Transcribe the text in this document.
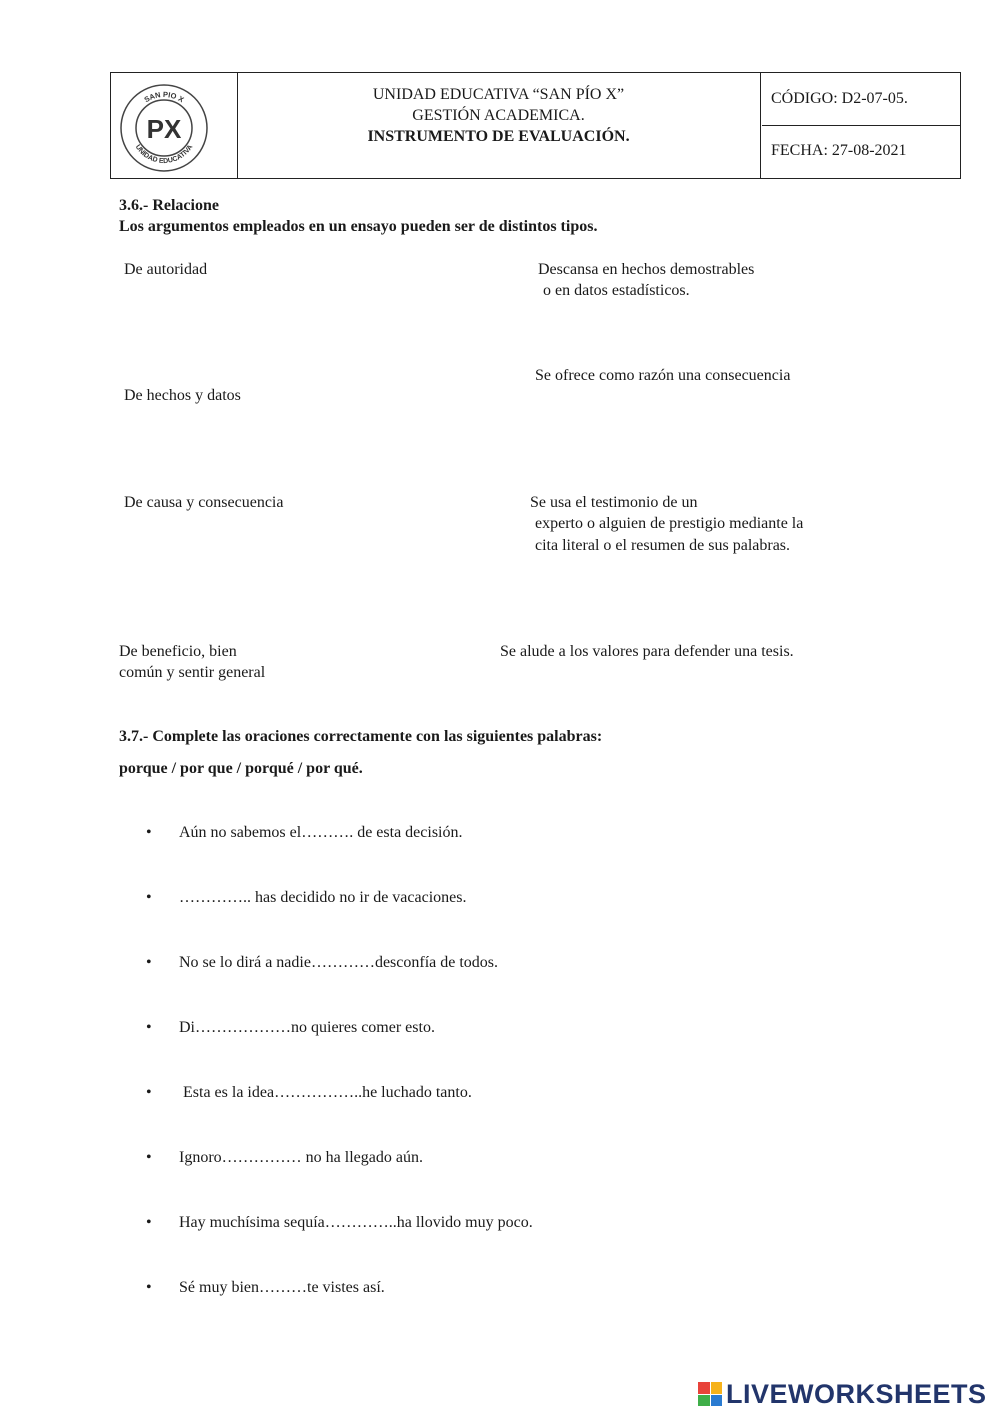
SAN PIO X
UNIDAD EDUCATIVA
PX
UNIDAD EDUCATIVA “SAN PÍO X”
GESTIÓN ACADEMICA.
INSTRUMENTO DE EVALUACIÓN.
CÓDIGO: D2-07-05.
FECHA: 27-08-2021
3.6.- Relacione
Los argumentos empleados en un ensayo pueden ser de distintos tipos.
De autoridad
De hechos y datos
De causa y consecuencia
De beneficio, bien
común y sentir general
Descansa en hechos demostrables
o en datos estadísticos.
Se ofrece como razón una consecuencia
Se usa el testimonio de un
experto o alguien de prestigio mediante la
cita literal o el resumen de sus palabras.
Se alude a los valores para defender una tesis.
3.7.- Complete las oraciones correctamente con las siguientes palabras:
porque / por que / porqué / por qué.
• Aún no sabemos el………. de esta decisión.
• ………….. has decidido no ir de vacaciones.
• No se lo dirá a nadie…………desconfía de todos.
• Di………………no quieres comer esto.
• Esta es la idea……………..he luchado tanto.
• Ignoro…………… no ha llegado aún.
• Hay muchísima sequía…………..ha llovido muy poco.
• Sé muy bien………te vistes así.
LIVEWORKSHEETS
